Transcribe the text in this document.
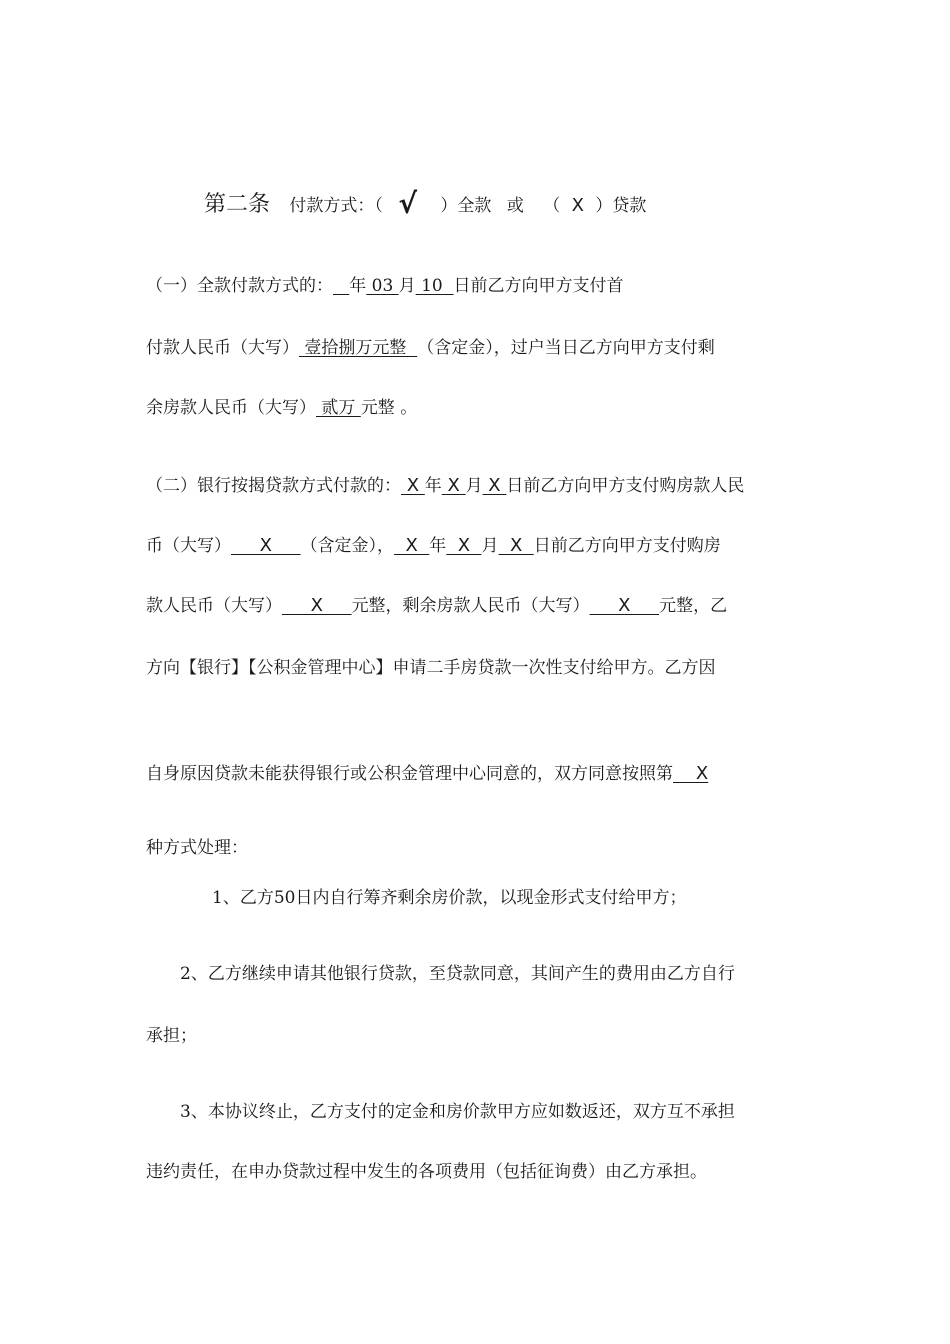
第二条 付款方式：（ √ ）全款 或 （ X ）贷款
（一）全款付款方式的： 年 03 月 10  日前乙方向甲方支付首
付款人民币（大写） 壹拾捌万元整  （含定金），过户当日乙方向甲方支付剩
余房款人民币（大写） 贰万 元整 。
（二）银行按揭贷款方式付款的： X 年 X 月 X 日前乙方向甲方支付购房款人民
币（大写）     X     （含定金），  X  年  X  月  X  日前乙方向甲方支付购房
款人民币（大写）     X     元整，剩余房款人民币（大写）     X     元整，乙
方向【银行】【公积金管理中心】申请二手房贷款一次性支付给甲方。乙方因
自身原因贷款未能获得银行或公积金管理中心同意的，双方同意按照第    X
种方式处理：
1、乙方50日内自行筹齐剩余房价款，以现金形式支付给甲方；
2、乙方继续申请其他银行贷款，至贷款同意，其间产生的费用由乙方自行
承担；
3、本协议终止，乙方支付的定金和房价款甲方应如数返还，双方互不承担
违约责任，在申办贷款过程中发生的各项费用（包括征询费）由乙方承担。
